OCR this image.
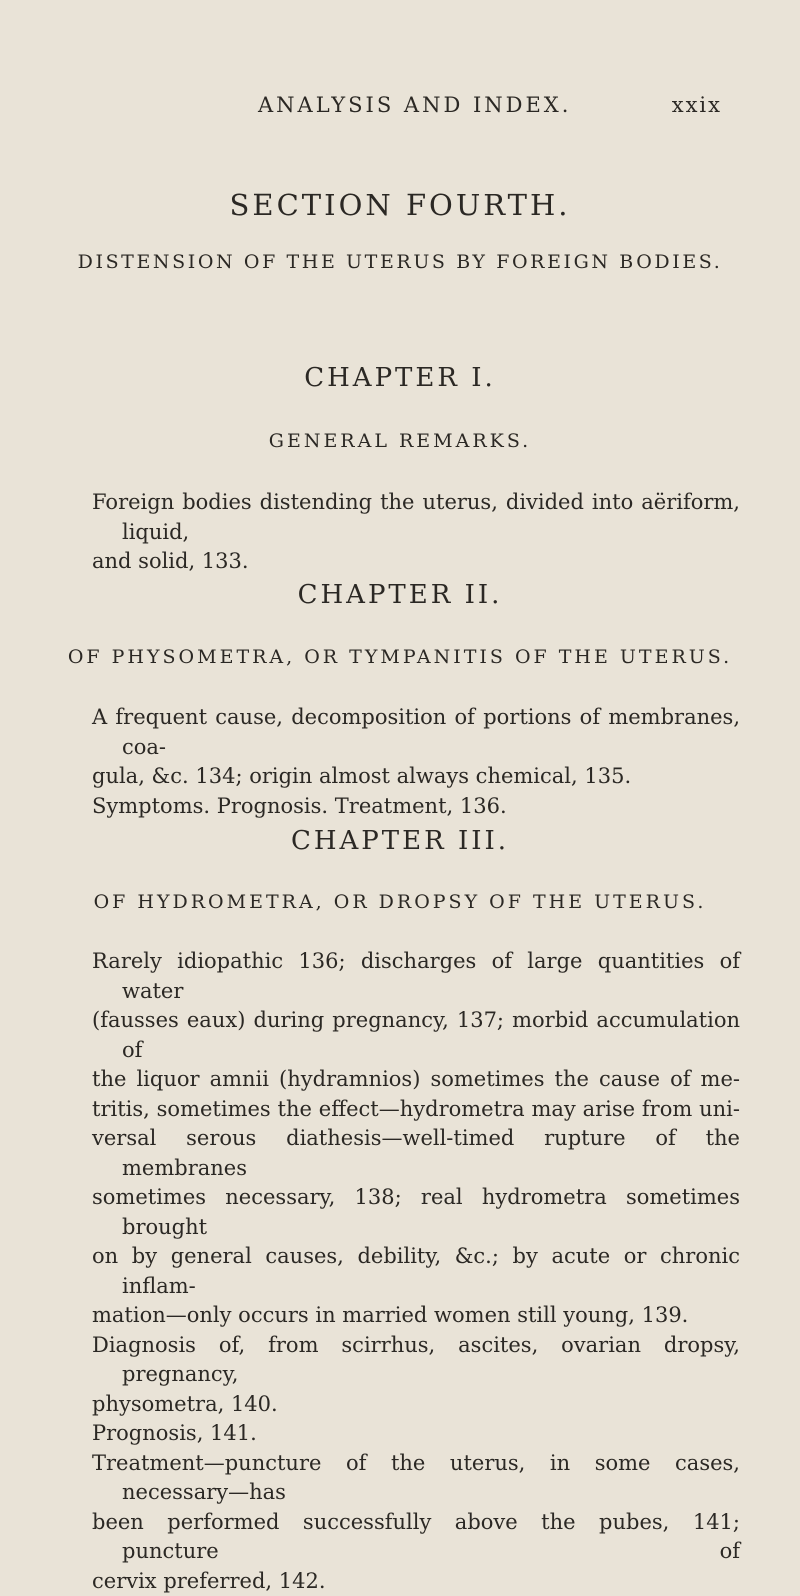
ANALYSIS AND INDEX.	xxix
SECTION FOURTH.
DISTENSION OF THE UTERUS BY FOREIGN BODIES.
CHAPTER I.
GENERAL REMARKS.
Foreign bodies distending the uterus, divided into aëriform, liquid,
and solid, 133.
CHAPTER II.
OF PHYSOMETRA, OR TYMPANITIS OF THE UTERUS.
A frequent cause, decomposition of portions of membranes, coa-
gula, &c. 134; origin almost always chemical, 135.
Symptoms. Prognosis. Treatment, 136.
CHAPTER III.
OF HYDROMETRA, OR DROPSY OF THE UTERUS.
Rarely idiopathic 136; discharges of large quantities of water
(fausses eaux) during pregnancy, 137; morbid accumulation of
the liquor amnii (hydramnios) sometimes the cause of me-
tritis, sometimes the effect—hydrometra may arise from uni-
versal serous diathesis—well-timed rupture of the membranes
sometimes necessary, 138; real hydrometra sometimes brought
on by general causes, debility, &c.; by acute or chronic inflam-
mation—only occurs in married women still young, 139.
Diagnosis of, from scirrhus, ascites, ovarian dropsy, pregnancy,
physometra, 140.
Prognosis, 141.
Treatment—puncture of the uterus, in some cases, necessary—has
been performed successfully above the pubes, 141; puncture of
cervix preferred, 142.
